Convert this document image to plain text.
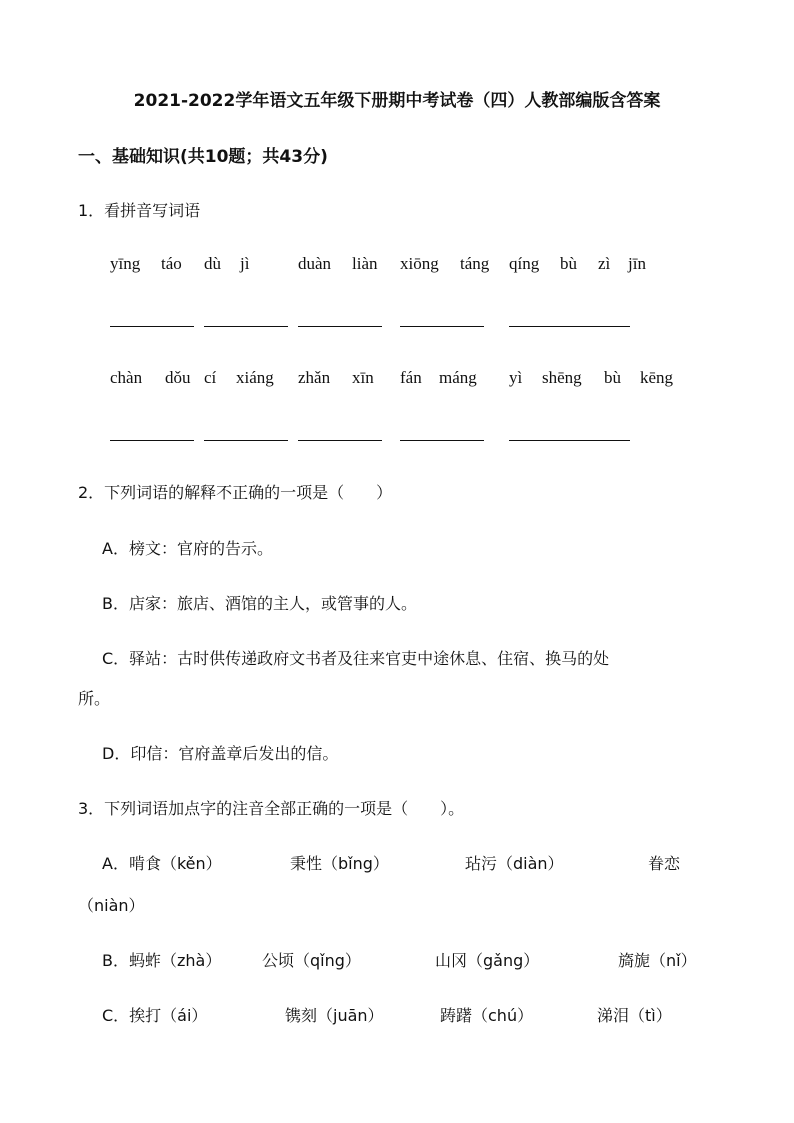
2021-2022学年语文五年级下册期中考试卷（四）人教部编版含答案
一、基础知识(共10题；共43分)
1．看拼音写词语
yīng táo dù jì	duàn liàn xiōng táng qíng bù zì jīn
chàn dǒu cí xiáng zhǎn xīn fán máng yì shēng bù kēng
2．下列词语的解释不正确的一项是（　　）
A．榜文：官府的告示。
B．店家：旅店、酒馆的主人，或管事的人。
C．驿站：古时供传递政府文书者及往来官吏中途休息、住宿、换马的处
所。
D．印信：官府盖章后发出的信。
3．下列词语加点字的注音全部正确的一项是（　　）。
A．啃食（kěn）	秉性（bǐng）	玷污（diàn）	眷恋
（niàn）
B．蚂蚱（zhà）	公顷（qǐng）	山冈（gǎng）	旖旎（nǐ）
C．挨打（ái）	镌刻（juān）	踌躇（chú）	涕泪（tì）
